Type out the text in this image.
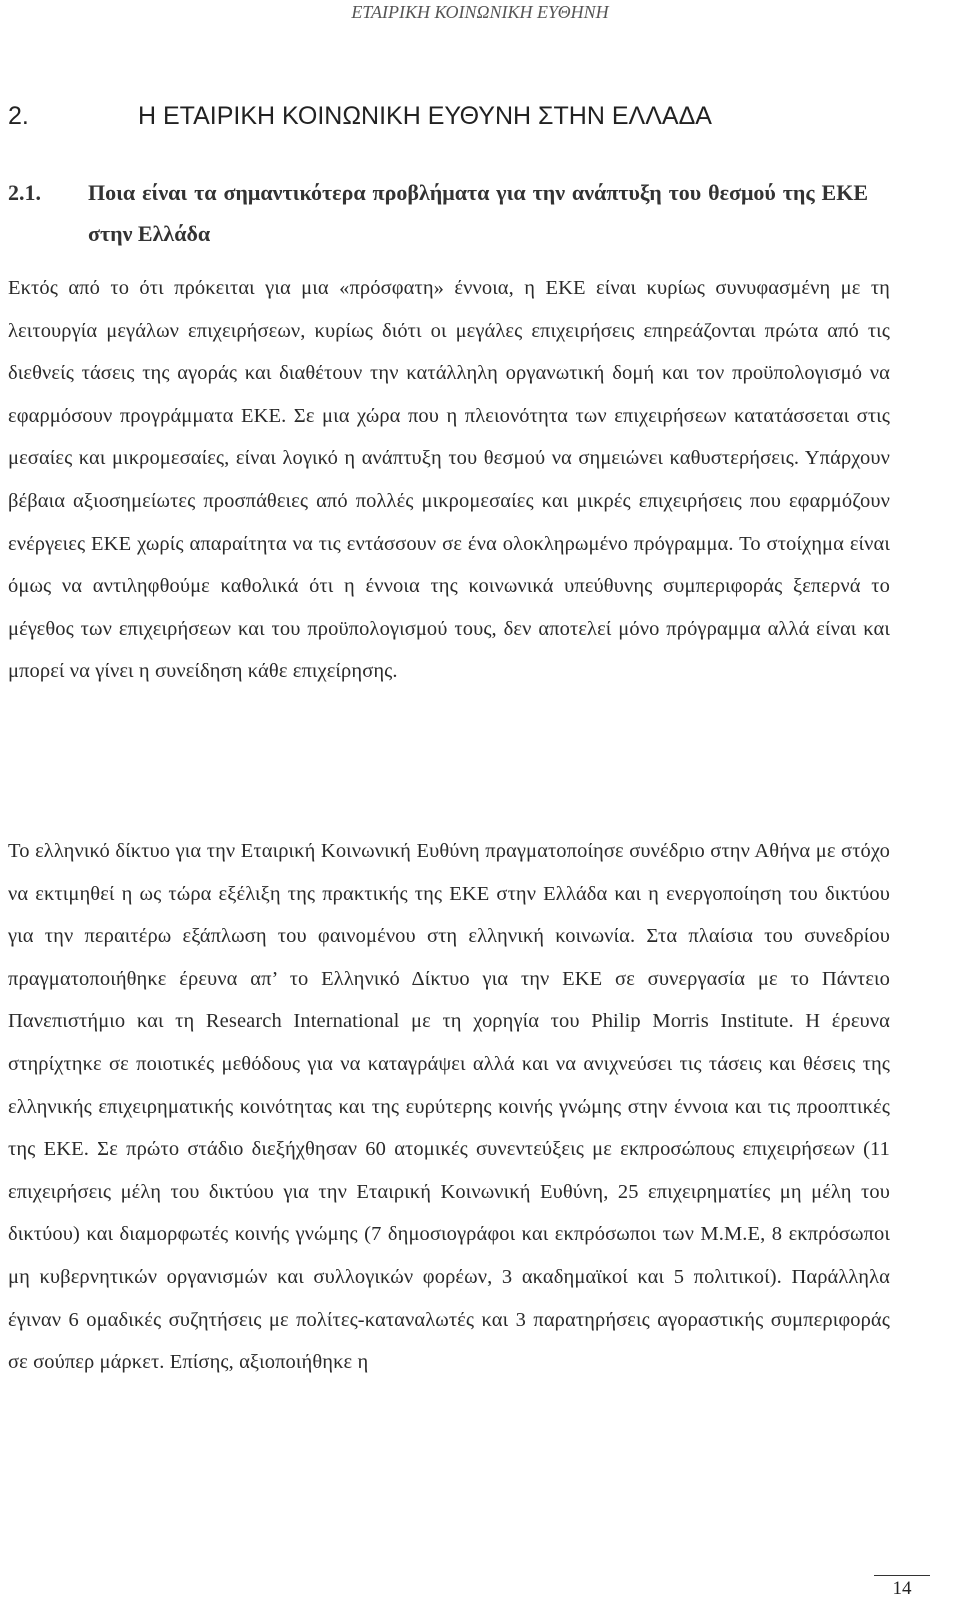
ΕΤΑΙΡΙΚΗ ΚΟΙΝΩΝΙΚΗ ΕΥΘΗΝΗ
2.	Η ΕΤΑΙΡΙΚΗ ΚΟΙΝΩΝΙΚΗ ΕΥΘΥΝΗ ΣΤΗΝ ΕΛΛΑΔΑ
2.1.	Ποια είναι τα σημαντικότερα προβλήματα για την ανάπτυξη του θεσμού της ΕΚΕ στην Ελλάδα

Εκτός από το ότι πρόκειται για μια «πρόσφατη» έννοια, η ΕΚΕ είναι κυρίως συνυφασμένη με τη λειτουργία μεγάλων επιχειρήσεων, κυρίως διότι οι μεγάλες επιχειρήσεις επηρεάζονται πρώτα από τις διεθνείς τάσεις της αγοράς και διαθέτουν την κατάλληλη οργανωτική δομή και τον προϋπολογισμό να εφαρμόσουν προγράμματα ΕΚΕ. Σε μια χώρα που η πλειονότητα των επιχειρήσεων κατατάσσεται στις μεσαίες και μικρομεσαίες, είναι λογικό η ανάπτυξη του θεσμού να σημειώνει καθυστερήσεις. Υπάρχουν βέβαια αξιοσημείωτες προσπάθειες από πολλές μικρομεσαίες και μικρές επιχειρήσεις που εφαρμόζουν ενέργειες ΕΚΕ χωρίς απαραίτητα να τις εντάσσουν σε ένα ολοκληρωμένο πρόγραμμα. Το στοίχημα είναι όμως να αντιληφθούμε καθολικά ότι η έννοια της κοινωνικά υπεύθυνης συμπεριφοράς ξεπερνά το μέγεθος των επιχειρήσεων και του προϋπολογισμού τους, δεν αποτελεί μόνο πρόγραμμα αλλά είναι και μπορεί να γίνει η συνείδηση κάθε επιχείρησης.

Το ελληνικό δίκτυο για την Εταιρική Κοινωνική Ευθύνη πραγματοποίησε συνέδριο στην Αθήνα με στόχο να εκτιμηθεί η ως τώρα εξέλιξη της πρακτικής της ΕΚΕ στην Ελλάδα και η ενεργοποίηση του δικτύου για την περαιτέρω εξάπλωση του φαινομένου στη ελληνική κοινωνία. Στα πλαίσια του συνεδρίου πραγματοποιήθηκε έρευνα απ’ το Ελληνικό Δίκτυο για την ΕΚΕ σε συνεργασία με το Πάντειο Πανεπιστήμιο και τη Research International με τη χορηγία του Philip Morris Institute. Η έρευνα στηρίχτηκε σε ποιοτικές μεθόδους για να καταγράψει αλλά και να ανιχνεύσει τις τάσεις και θέσεις της ελληνικής επιχειρηματικής κοινότητας και της ευρύτερης κοινής γνώμης στην έννοια και τις προοπτικές της ΕΚΕ. Σε πρώτο στάδιο διεξήχθησαν 60 ατομικές συνεντεύξεις με εκπροσώπους επιχειρήσεων (11 επιχειρήσεις μέλη του δικτύου για την Εταιρική Κοινωνική Ευθύνη, 25 επιχειρηματίες μη μέλη του δικτύου) και διαμορφωτές κοινής γνώμης (7 δημοσιογράφοι και εκπρόσωποι των Μ.Μ.Ε, 8 εκπρόσωποι μη κυβερνητικών οργανισμών και συλλογικών φορέων, 3 ακαδημαϊκοί και 5 πολιτικοί). Παράλληλα έγιναν 6 ομαδικές συζητήσεις με πολίτες-καταναλωτές και 3 παρατηρήσεις αγοραστικής συμπεριφοράς σε σούπερ μάρκετ. Επίσης, αξιοποιήθηκε η

14
